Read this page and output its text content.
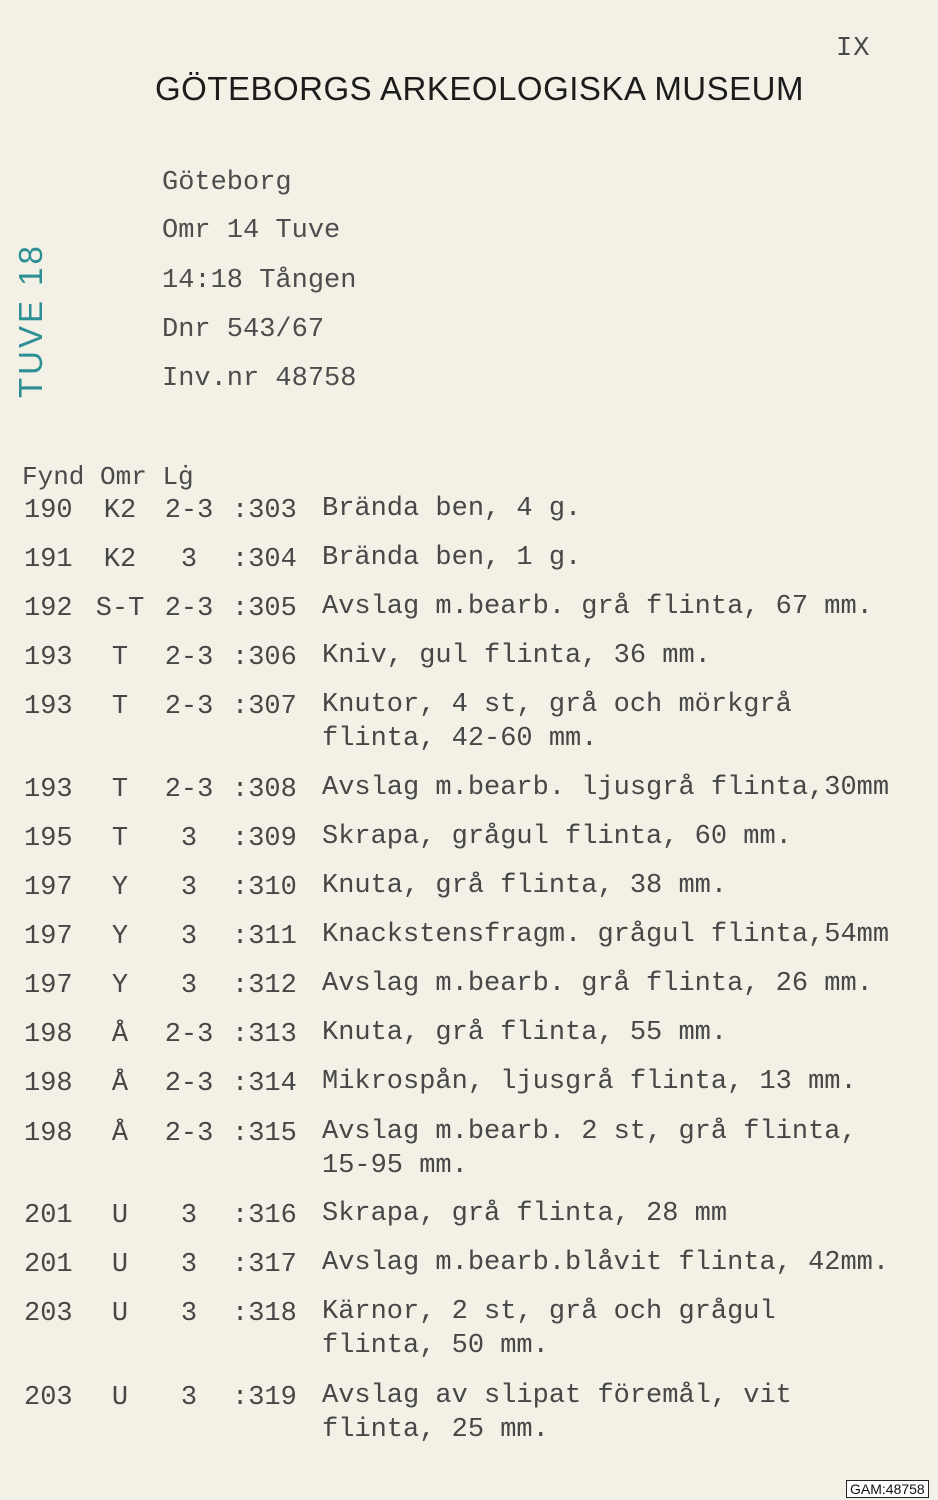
IX
GÖTEBORGS ARKEOLOGISKA MUSEUM
TUVE 18
Göteborg
Omr 14 Tuve
14:18 Tången
Dnr 543/67
Inv.nr 48758
Fynd Omr Lġ
190	K2	2-3 :303 Brända ben, 4 g.
191	K2	3	:304 Brända ben, 1 g.
192 S-T 2-3 :305 Avslag m.bearb. grå flinta, 67 mm.
193	T	2-3 :306 Kniv, gul flinta, 36 mm.
193	T	2-3 :307 Knutor, 4 st, grå och mörkgrå
flinta, 42-60 mm.
193	T	2-3 :308 Avslag m.bearb. ljusgrå flinta,30mm
195	T	3	:309 Skrapa, grågul flinta, 60 mm.
197	Y	3	:310 Knuta, grå flinta, 38 mm.
197	Y	3	:311 Knackstensfragm. grågul flinta,54mm
197	Y	3	:312 Avslag m.bearb. grå flinta, 26 mm.
198	Å	2-3 :313 Knuta, grå flinta, 55 mm.
198	Å	2-3 :314 Mikrospån, ljusgrå flinta, 13 mm.
198	Å	2-3 :315 Avslag m.bearb. 2 st, grå flinta,
15-95 mm.
201	U	3	:316 Skrapa, grå flinta, 28 mm
201	U	3	:317 Avslag m.bearb.blåvit flinta, 42mm.
203	U	3	:318 Kärnor, 2 st, grå och grågul
flinta, 50 mm.
203	U	3	:319 Avslag av slipat föremål, vit
flinta, 25 mm.
GAM:48758
